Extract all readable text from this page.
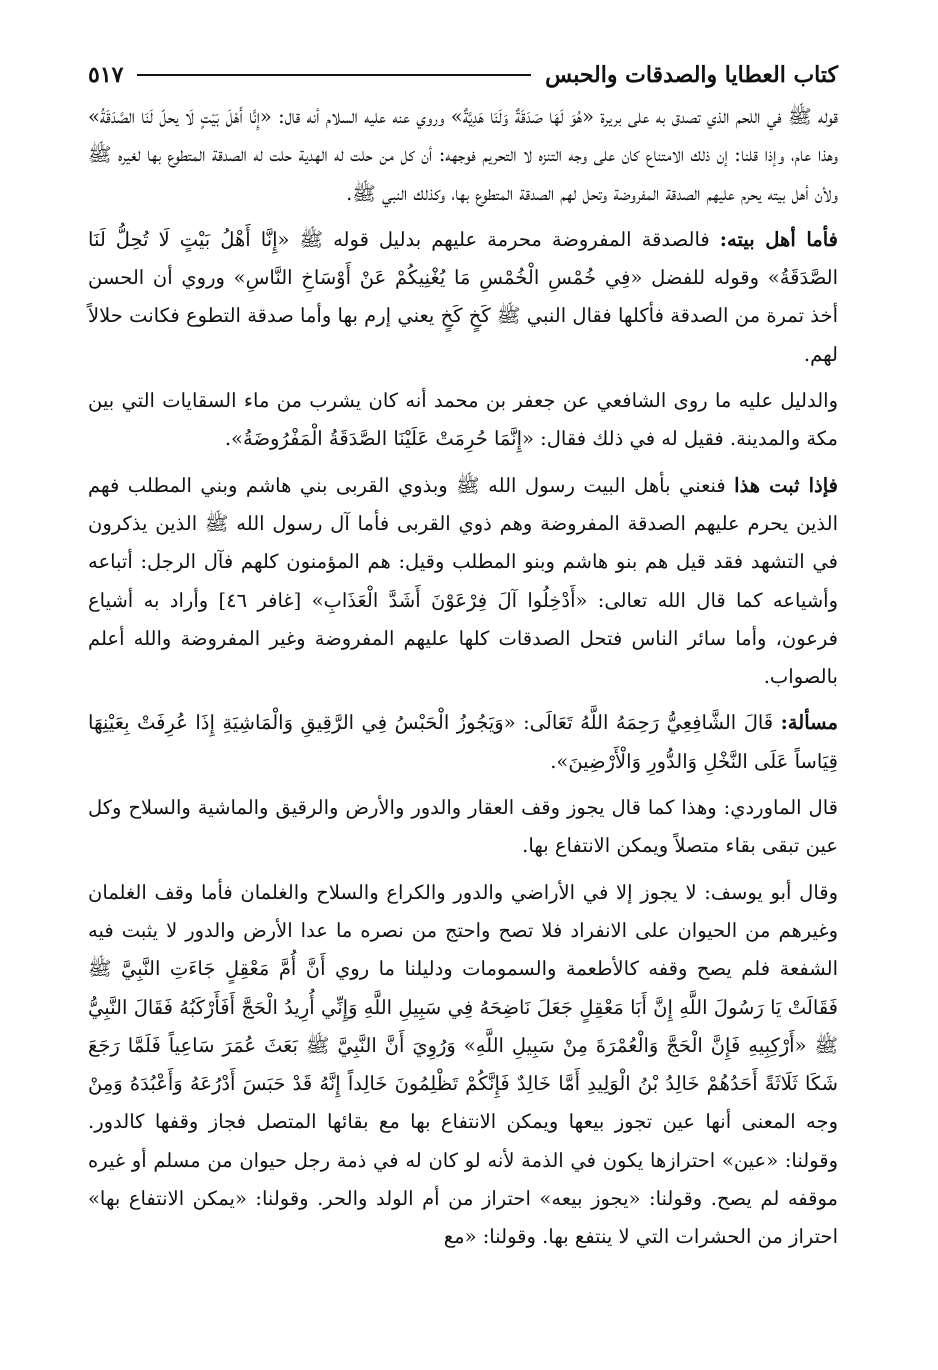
كتاب العطايا والصدقات والحبس
٥١٧

قوله ﷺ في اللحم الذي تصدق به على بريرة «هُوَ لَهَا صَدَقَةٌ وَلَنَا هَدِيَّةٌ» وروي عنه عليه السلام أنه قال: «إِنَّا أَهْلَ بَيْتٍ لَا يحلّ لَنَا الصَّدَقَةُ» وهذا عام، وإذا قلنا: إن ذلك الامتناع كان على وجه التنزه لا التحريم فوجهه: أن كل من حلت له الهدية حلت له الصدقة المتطوع بها لغيره ﷺ ولأن أهل بيته يحرم عليهم الصدقة المفروضة وتحل لهم الصدقة المتطوع بها، وكذلك النبي ﷺ.

فأما أهل بيته: فالصدقة المفروضة محرمة عليهم بدليل قوله ﷺ «إِنَّا أَهْلُ بَيْتٍ لَا تُحِلُّ لَنَا الصَّدَقَةُ» وقوله للفضل «فِي خُمْسِ الْخُمْسِ مَا يُغْنِيكُمْ عَنْ أَوْسَاخِ النَّاسِ» وروي أن الحسن أخذ تمرة من الصدقة فأكلها فقال النبي ﷺ كَخٍ كَخٍ يعني إرم بها وأما صدقة التطوع فكانت حلالاً لهم.

والدليل عليه ما روى الشافعي عن جعفر بن محمد أنه كان يشرب من ماء السقايات التي بين مكة والمدينة. فقيل له في ذلك فقال: «إِنَّمَا حُرِمَتْ عَلَيْنَا الصَّدَقَةُ الْمَفْرُوضَةُ».

فإذا ثبت هذا فنعني بأهل البيت رسول الله ﷺ وبذوي القربى بني هاشم وبني المطلب فهم الذين يحرم عليهم الصدقة المفروضة وهم ذوي القربى فأما آل رسول الله ﷺ الذين يذكرون في التشهد فقد قيل هم بنو هاشم وبنو المطلب وقيل: هم المؤمنون كلهم فآل الرجل: أتباعه وأشياعه كما قال الله تعالى: «أَدْخِلُوا آلَ فِرْعَوْنَ أَشَدَّ الْعَذَابِ» [غافر ٤٦] وأراد به أشياع فرعون، وأما سائر الناس فتحل الصدقات كلها عليهم المفروضة وغير المفروضة والله أعلم بالصواب.

مسألة: قَالَ الشَّافِعِيُّ رَحِمَهُ اللَّهُ تَعَالَى: «وَيَجُوزُ الْحَبْسُ فِي الرَّقِيقِ وَالْمَاشِيَةِ إِذَا عُرِفَتْ بِعَيْنِهَا قِيَاساً عَلَى النَّخْلِ وَالدُّورِ وَالْأَرْضِينَ».

قال الماوردي: وهذا كما قال يجوز وقف العقار والدور والأرض والرقيق والماشية والسلاح وكل عين تبقى بقاء متصلاً ويمكن الانتفاع بها.

وقال أبو يوسف: لا يجوز إلا في الأراضي والدور والكراع والسلاح والغلمان فأما وقف الغلمان وغيرهم من الحيوان على الانفراد فلا تصح واحتج من نصره ما عدا الأرض والدور لا يثبت فيه الشفعة فلم يصح وقفه كالأطعمة والسمومات ودليلنا ما روي أَنَّ أُمَّ مَعْقِلٍ جَاءَتِ النَّبِيَّ ﷺ فَقَالَتْ يَا رَسُولَ اللَّهِ إِنَّ أَبَا مَعْقِلٍ جَعَلَ نَاضِحَهُ فِي سَبِيلِ اللَّهِ وَإِنِّي أُرِيدُ الْحَجَّ أَفَأَرْكَبُهُ فَقَالَ النَّبِيُّ ﷺ «أَرْكِبِيهِ فَإِنَّ الْحَجَّ وَالْعُمْرَةَ مِنْ سَبِيلِ اللَّهِ» وَرُوِيَ أَنَّ النَّبِيَّ ﷺ بَعَثَ عُمَرَ سَاعِياً فَلَمَّا رَجَعَ شَكَا ثَلَاثَةً أَحَدُهُمْ خَالِدُ بْنُ الْوَلِيدِ أَمَّا خَالِدٌ فَإِنَّكُمْ تَظْلِمُونَ خَالِداً إِنَّهُ قَدْ حَبَسَ أَدْرُعَهُ وَأَعْبُدَهُ وَمِنْ وجه المعنى أنها عين تجوز بيعها ويمكن الانتفاع بها مع بقائها المتصل فجاز وقفها كالدور. وقولنا: «عين» احترازها يكون في الذمة لأنه لو كان له في ذمة رجل حيوان من مسلم أو غيره موقفه لم يصح. وقولنا: «يجوز بيعه» احتراز من أم الولد والحر. وقولنا: «يمكن الانتفاع بها» احتراز من الحشرات التي لا ينتفع بها. وقولنا: «مع
